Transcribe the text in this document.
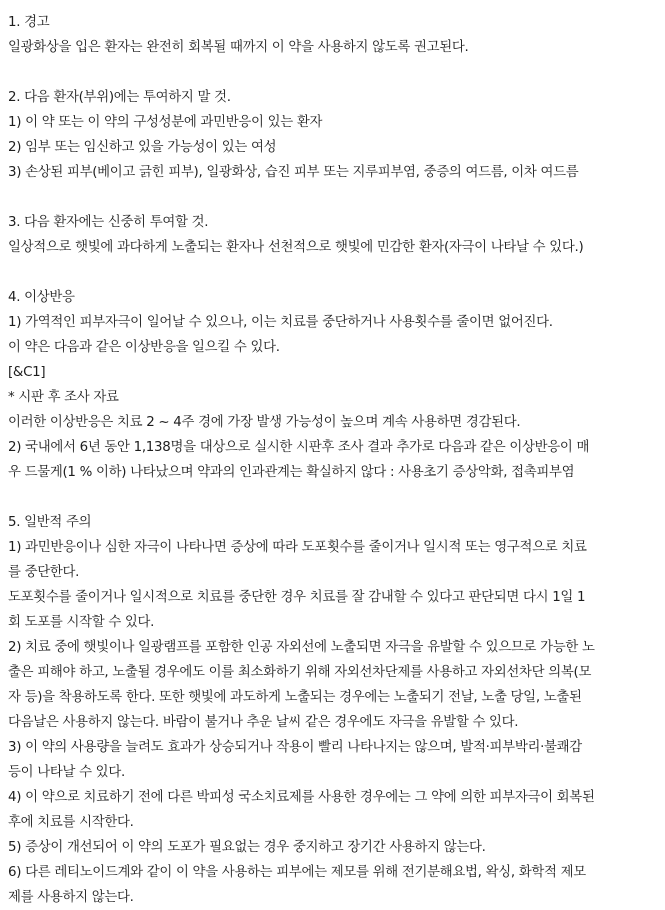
1. 경고
일광화상을 입은 환자는 완전히 회복될 때까지 이 약을 사용하지 않도록 권고된다.
2. 다음 환자(부위)에는 투여하지 말 것.
1) 이 약 또는 이 약의 구성성분에 과민반응이 있는 환자
2) 임부 또는 임신하고 있을 가능성이 있는 여성
3) 손상된 피부(베이고 긁힌 피부), 일광화상, 습진 피부 또는 지루피부염, 중증의 여드름, 이차 여드름
3. 다음 환자에는 신중히 투여할 것.
일상적으로 햇빛에 과다하게 노출되는 환자나 선천적으로 햇빛에 민감한 환자(자극이 나타날 수 있다.)
4. 이상반응
1) 가역적인 피부자극이 일어날 수 있으나, 이는 치료를 중단하거나 사용횟수를 줄이면 없어진다.
이 약은 다음과 같은 이상반응을 일으킬 수 있다.
[&C1]
* 시판 후 조사 자료
이러한 이상반응은 치료 2 ~ 4주 경에 가장 발생 가능성이 높으며 계속 사용하면 경감된다.
2) 국내에서 6년 동안 1,138명을 대상으로 실시한 시판후 조사 결과 추가로 다음과 같은 이상반응이 매
우 드물게(1 % 이하) 나타났으며 약과의 인과관계는 확실하지 않다 : 사용초기 증상악화, 접촉피부염
5. 일반적 주의
1) 과민반응이나 심한 자극이 나타나면 증상에 따라 도포횟수를 줄이거나 일시적 또는 영구적으로 치료
를 중단한다.
도포횟수를 줄이거나 일시적으로 치료를 중단한 경우 치료를 잘 감내할 수 있다고 판단되면 다시 1일 1
회 도포를 시작할 수 있다.
2) 치료 중에 햇빛이나 일광램프를 포함한 인공 자외선에 노출되면 자극을 유발할 수 있으므로 가능한 노
출은 피해야 하고, 노출될 경우에도 이를 최소화하기 위해 자외선차단제를 사용하고 자외선차단 의복(모
자 등)을 착용하도록 한다. 또한 햇빛에 과도하게 노출되는 경우에는 노출되기 전날, 노출 당일, 노출된
다음날은 사용하지 않는다. 바람이 불거나 추운 날씨 같은 경우에도 자극을 유발할 수 있다.
3) 이 약의 사용량을 늘려도 효과가 상승되거나 작용이 빨리 나타나지는 않으며, 발적·피부박리·불쾌감
등이 나타날 수 있다.
4) 이 약으로 치료하기 전에 다른 박피성 국소치료제를 사용한 경우에는 그 약에 의한 피부자극이 회복된
후에 치료를 시작한다.
5) 증상이 개선되어 이 약의 도포가 필요없는 경우 중지하고 장기간 사용하지 않는다.
6) 다른 레티노이드계와 같이 이 약을 사용하는 피부에는 제모를 위해 전기분해요법, 왁싱, 화학적 제모
제를 사용하지 않는다.
